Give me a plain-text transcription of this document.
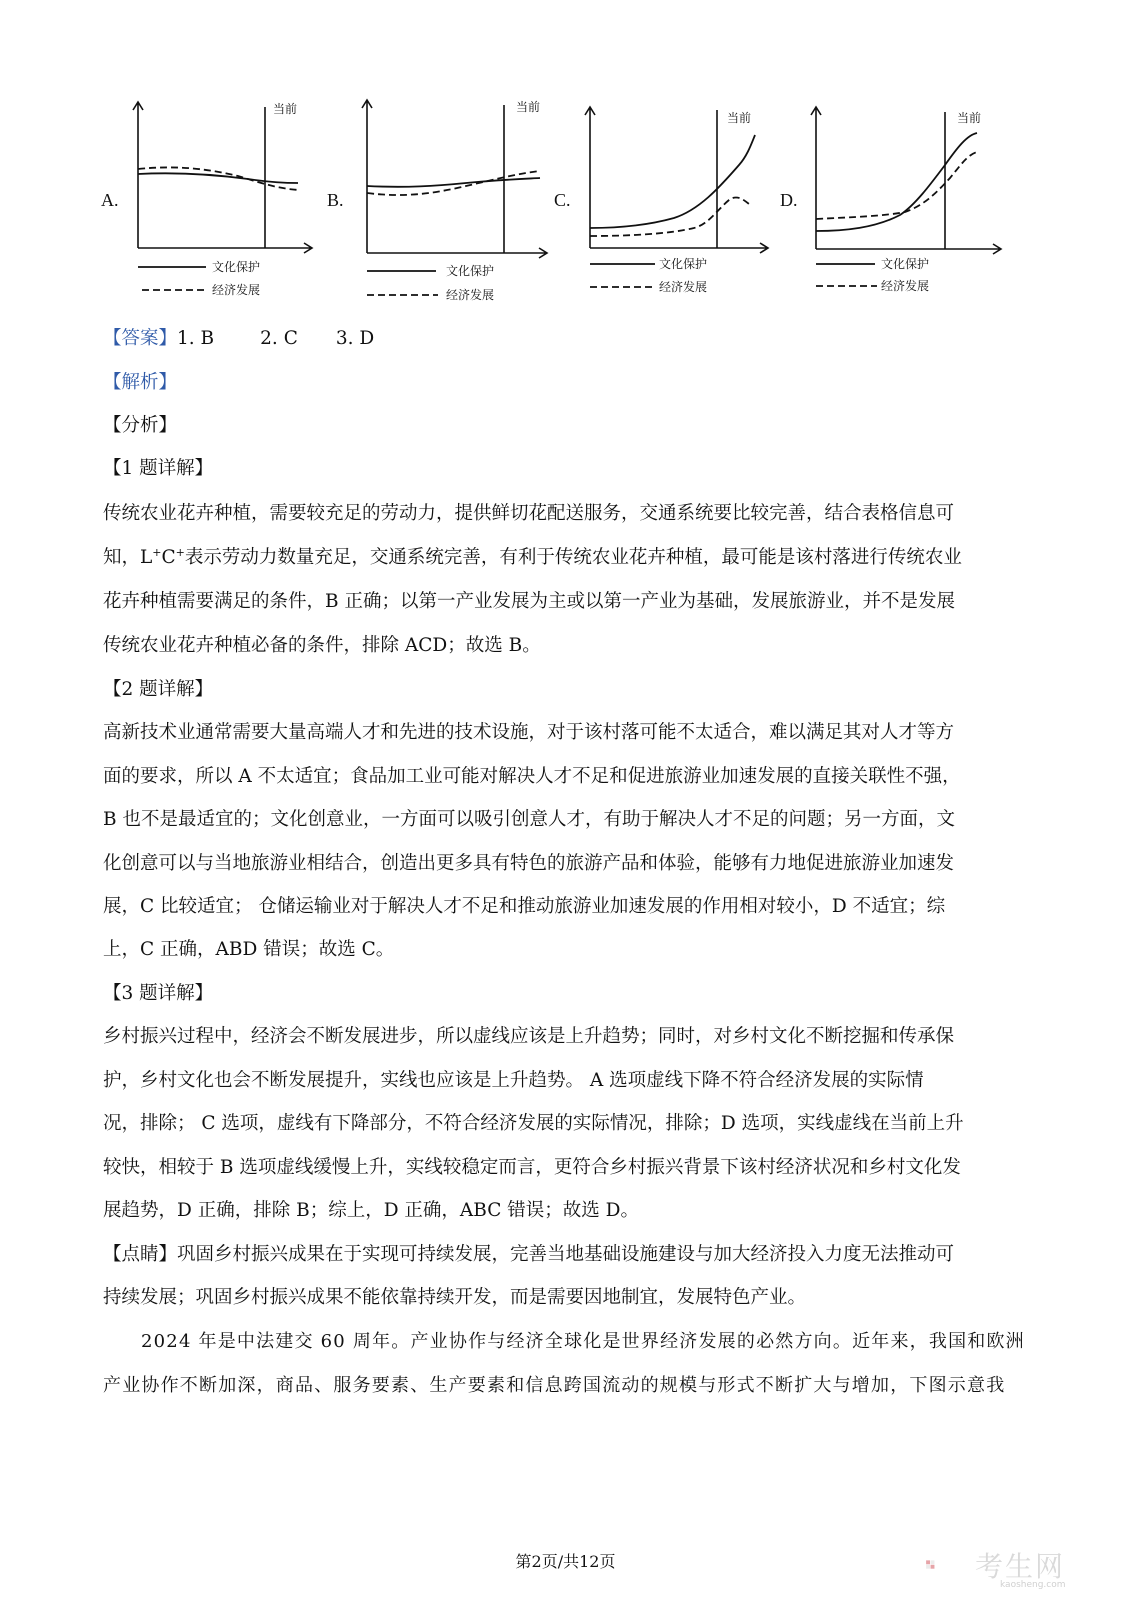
A.	B.	C.	D.
当前
文化保护
经济发展
当前
文化保护
经济发展
当前
文化保护
经济发展
当前
文化保护
经济发展
【答案】1. B 2. C 3. D
【解析】
【分析】
【1 题详解】
传统农业花卉种植，需要较充足的劳动力，提供鲜切花配送服务，交通系统要比较完善，结合表格信息可
知，L+C+表示劳动力数量充足，交通系统完善，有利于传统农业花卉种植，最可能是该村落进行传统农业
花卉种植需要满足的条件，B 正确；以第一产业发展为主或以第一产业为基础，发展旅游业，并不是发展
传统农业花卉种植必备的条件，排除 ACD；故选 B。
【2 题详解】
高新技术业通常需要大量高端人才和先进的技术设施，对于该村落可能不太适合，难以满足其对人才等方
面的要求，所以 A 不太适宜；食品加工业可能对解决人才不足和促进旅游业加速发展的直接关联性不强，
B 也不是最适宜的；文化创意业，一方面可以吸引创意人才，有助于解决人才不足的问题；另一方面，文
化创意可以与当地旅游业相结合，创造出更多具有特色的旅游产品和体验，能够有力地促进旅游业加速发
展，C 比较适宜； 仓储运输业对于解决人才不足和推动旅游业加速发展的作用相对较小，D 不适宜；综
上，C 正确，ABD 错误；故选 C。
【3 题详解】
乡村振兴过程中，经济会不断发展进步，所以虚线应该是上升趋势；同时，对乡村文化不断挖掘和传承保
护，乡村文化也会不断发展提升，实线也应该是上升趋势。 A 选项虚线下降不符合经济发展的实际情
况，排除； C 选项，虚线有下降部分，不符合经济发展的实际情况，排除；D 选项，实线虚线在当前上升
较快，相较于 B 选项虚线缓慢上升，实线较稳定而言，更符合乡村振兴背景下该村经济状况和乡村文化发
展趋势，D 正确，排除 B；综上，D 正确，ABC 错误；故选 D。
【点睛】巩固乡村振兴成果在于实现可持续发展，完善当地基础设施建设与加大经济投入力度无法推动可
持续发展；巩固乡村振兴成果不能依靠持续开发，而是需要因地制宜，发展特色产业。
2024 年是中法建交 60 周年。产业协作与经济全球化是世界经济发展的必然方向。近年来，我国和欧洲
产业协作不断加深，商品、服务要素、生产要素和信息跨国流动的规模与形式不断扩大与增加，下图示意我
第2页/共12页	考生网
kaosheng.com
